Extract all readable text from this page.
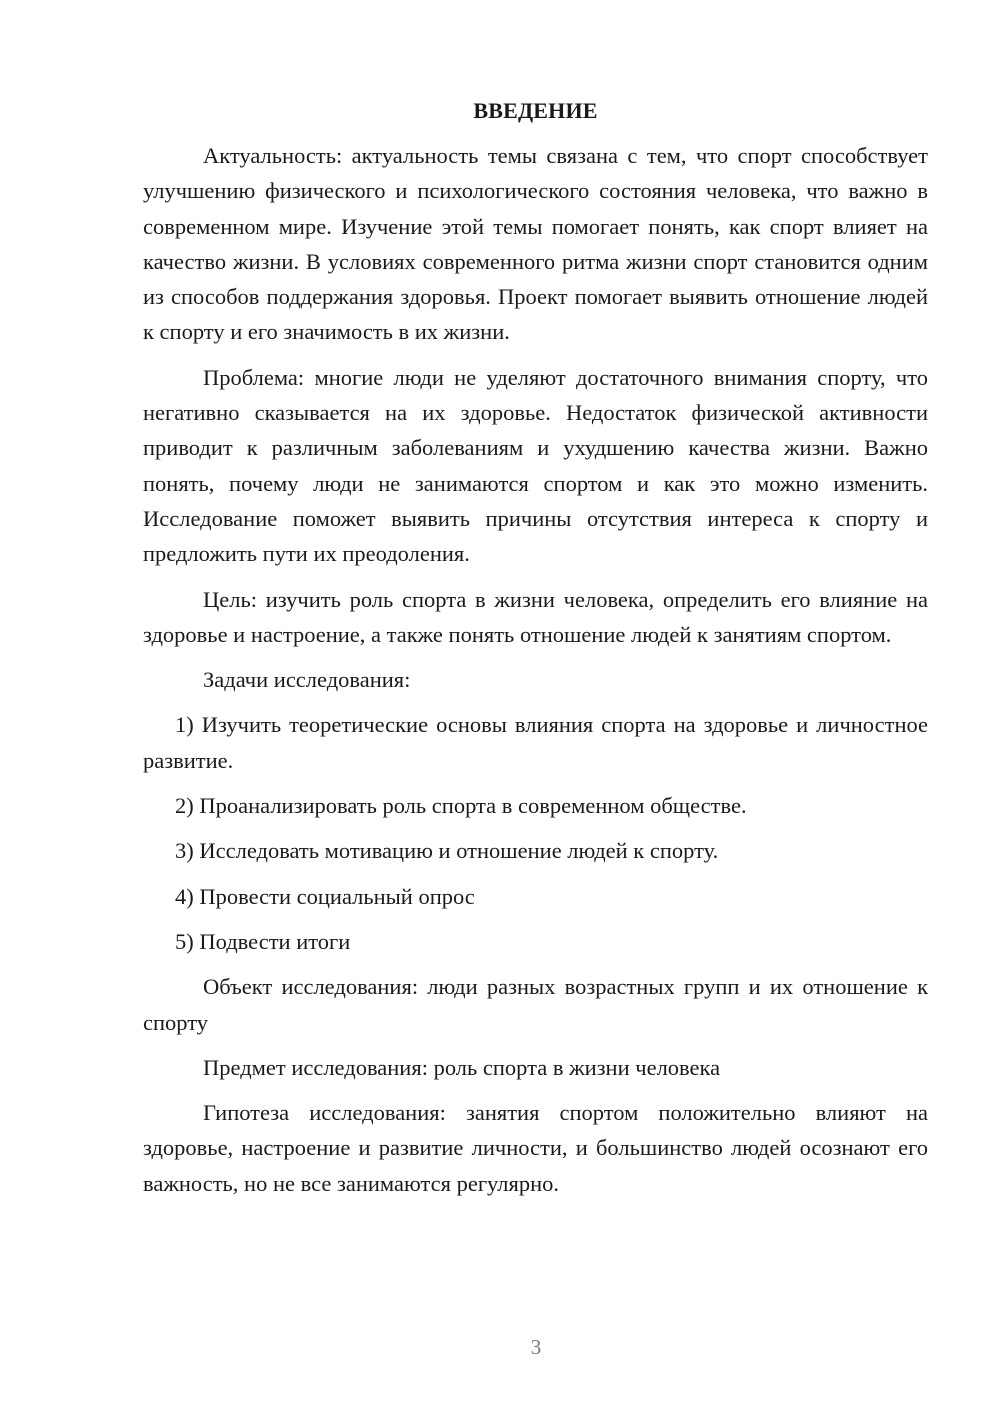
ВВЕДЕНИЕ

Актуальность: актуальность темы связана с тем, что спорт способствует улучшению физического и психологического состояния человека, что важно в современном мире. Изучение этой темы помогает понять, как спорт влияет на качество жизни. В условиях современного ритма жизни спорт становится одним из способов поддержания здоровья. Проект помогает выявить отношение людей к спорту и его значимость в их жизни.

Проблема: многие люди не уделяют достаточного внимания спорту, что негативно сказывается на их здоровье. Недостаток физической активности приводит к различным заболеваниям и ухудшению качества жизни. Важно понять, почему люди не занимаются спортом и как это можно изменить. Исследование поможет выявить причины отсутствия интереса к спорту и предложить пути их преодоления.

Цель: изучить роль спорта в жизни человека, определить его влияние на здоровье и настроение, а также понять отношение людей к занятиям спортом.

Задачи исследования:

1) Изучить теоретические основы влияния спорта на здоровье и личностное развитие.

2) Проанализировать роль спорта в современном обществе.

3) Исследовать мотивацию и отношение людей к спорту.

4) Провести социальный опрос

5) Подвести итоги

Объект исследования: люди разных возрастных групп и их отношение к спорту

Предмет исследования: роль спорта в жизни человека

Гипотеза исследования: занятия спортом положительно влияют на здоровье, настроение и развитие личности, и большинство людей осознают его важность, но не все занимаются регулярно.

3
